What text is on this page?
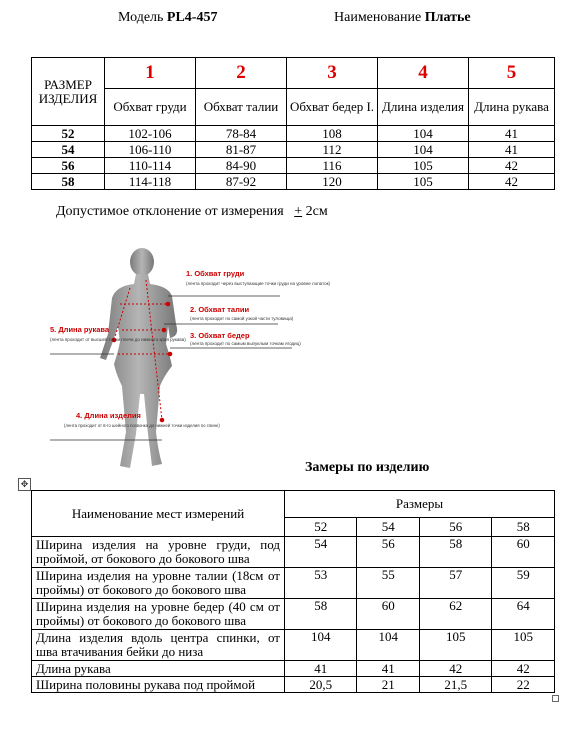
Модель PL4-457	Наименование Платье
РАЗМЕР ИЗДЕЛИЯ	1	2	3	4	5
	Обхват груди	Обхват талии	Обхват бедер I.	Длина изделия	Длина рукава
52	102-106	78-84	108	104	41
54	106-110	81-87	112	104	41
56	110-114	84-90	116	105	42
58	114-118	87-92	120	105	42
Допустимое отклонение от измерения + 2см
1. Обхват груди
(лента проходит через выступающие точки груди на уровне лопаток)
2. Обхват талии
(лента проходит по самой узкой части туловища)
3. Обхват бедер
(лента проходит по самым выпуклым точкам ягодиц)
5. Длина рукава
(лента проходит от высшей точки плеча до нижнего края рукава)
4. Длина изделия
(лента проходит от 6-го шейного позвонка до нижней точки изделия по спине)
Замеры по изделию
✥
Наименование мест измерений	Размеры			
	52	54	56	58
Ширина изделия на уровне груди, под проймой, от бокового до бокового шва	54	56	58	60
Ширина изделия на уровне талии (18см от проймы) от бокового до бокового шва	53	55	57	59
Ширина изделия на уровне бедер (40 см от проймы) от бокового до бокового шва	58	60	62	64
Длина изделия вдоль центра спинки, от шва втачивания бейки до низа	104	104	105	105
Длина рукава	41	41	42	42
Ширина половины рукава под проймой	20,5	21	21,5	22
